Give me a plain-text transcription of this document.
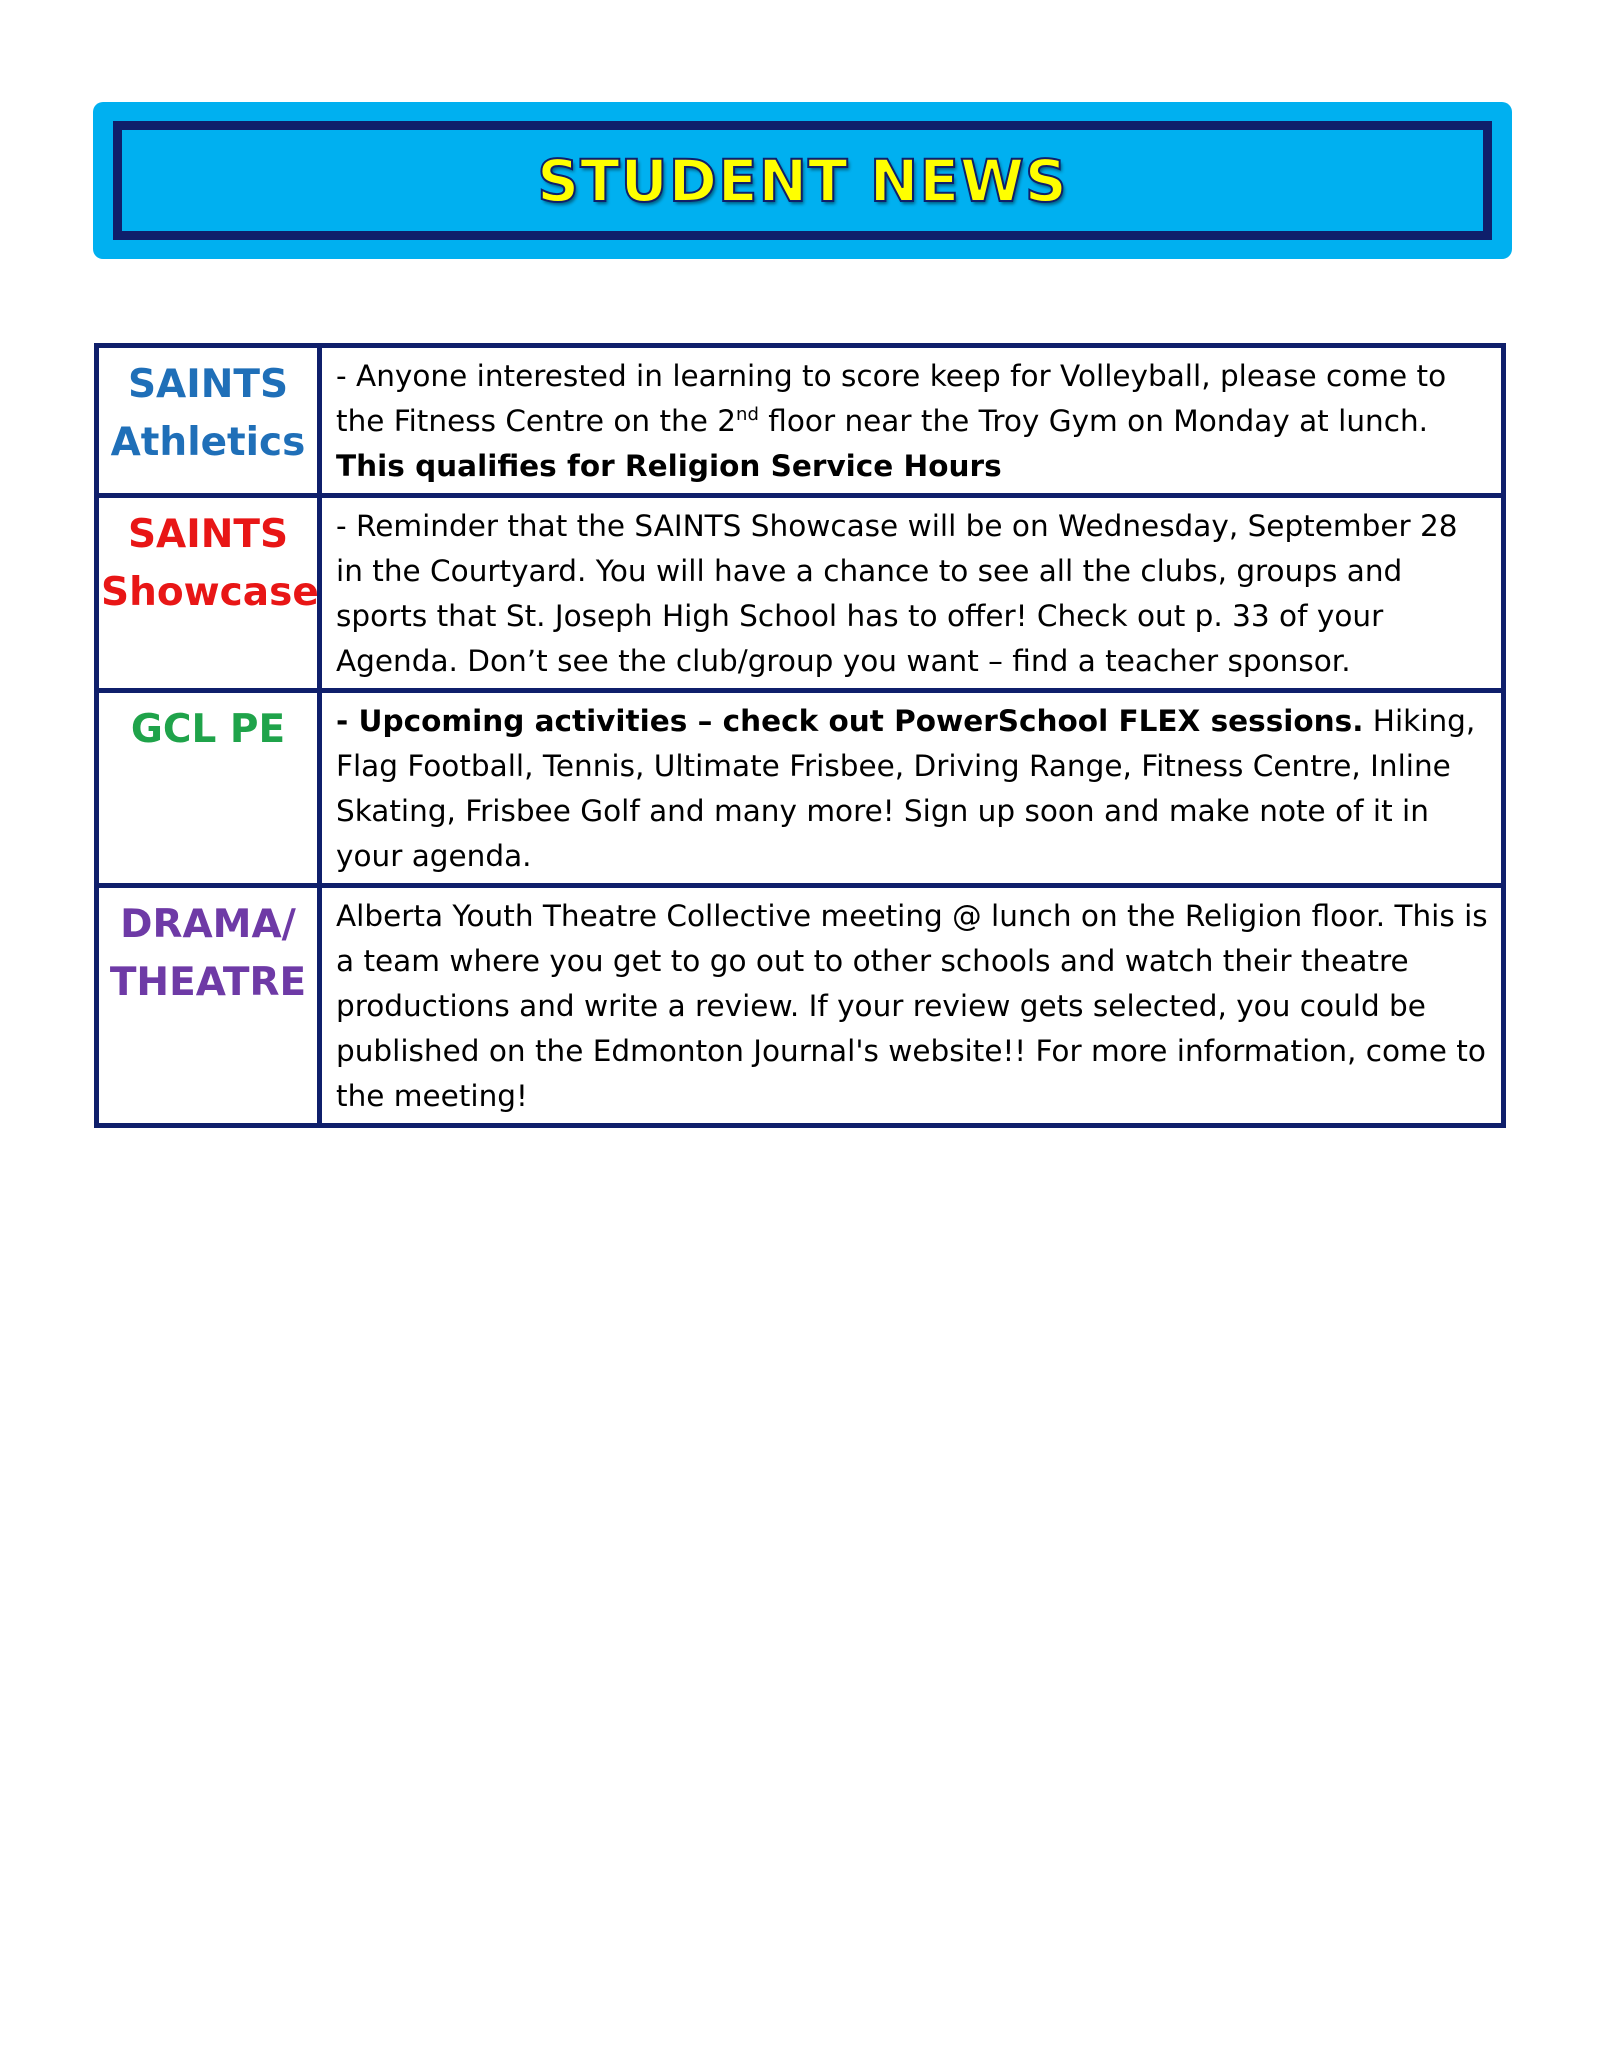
STUDENT NEWS
SAINTS
Athletics	- Anyone interested in learning to score keep for Volleyball, please come to the Fitness Centre on the 2nd floor near the Troy Gym on Monday at lunch.
This qualifies for Religion Service Hours

SAINTS
Showcase	- Reminder that the SAINTS Showcase will be on Wednesday, September 28 in the Courtyard. You will have a chance to see all the clubs, groups and sports that St. Joseph High School has to offer! Check out p. 33 of your Agenda. Don’t see the club/group you want – find a teacher sponsor.

GCL PE	- Upcoming activities – check out PowerSchool FLEX sessions. Hiking, Flag Football, Tennis, Ultimate Frisbee, Driving Range, Fitness Centre, Inline Skating, Frisbee Golf and many more! Sign up soon and make note of it in your agenda.

DRAMA/
THEATRE	Alberta Youth Theatre Collective meeting @ lunch on the Religion floor. This is a team where you get to go out to other schools and watch their theatre productions and write a review. If your review gets selected, you could be published on the Edmonton Journal's website!! For more information, come to the meeting!
